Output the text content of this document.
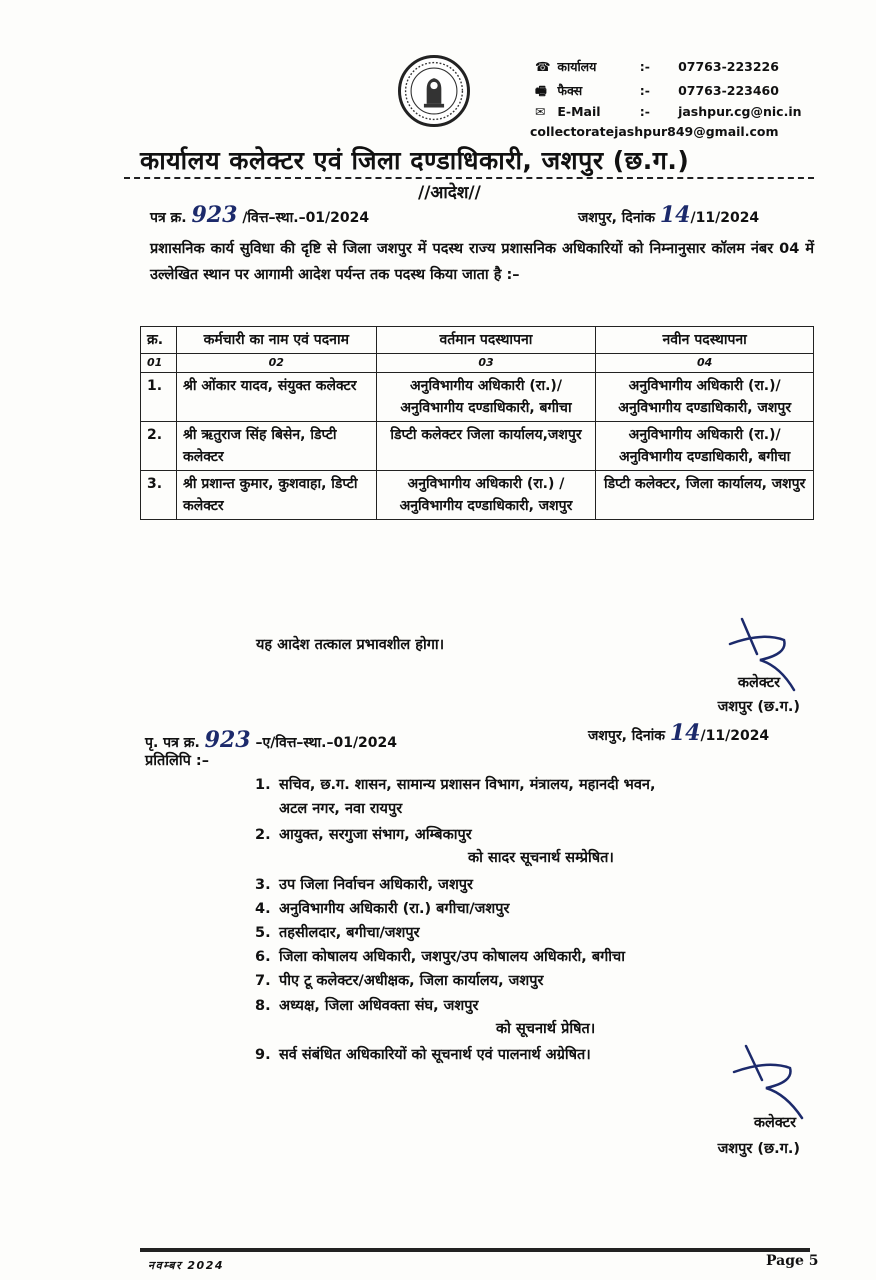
☎ कार्यालय	:- 07763-223226
🖷 फैक्स	:- 07763-223460
✉ E-Mail	:- jashpur.cg@nic.in
collectoratejashpur849@gmail.com
कार्यालय कलेक्टर एवं जिला दण्डाधिकारी, जशपुर (छ.ग.)
//आदेश//
पत्र क्र. 923 /वित्त–स्था.–01/2024	जशपुर, दिनांक 14/11/2024
प्रशासनिक कार्य सुविधा की दृष्टि से जिला जशपुर में पदस्थ राज्य प्रशासनिक अधिकारियों को निम्नानुसार कॉलम नंबर 04 में उल्लेखित स्थान पर आगामी आदेश पर्यन्त तक पदस्थ किया जाता है :–
क्र.	कर्मचारी का नाम एवं पदनाम	वर्तमान पदस्थापना	नवीन पदस्थापना
01	02	03	04
1.	श्री ओंकार यादव, संयुक्त कलेक्टर	अनुविभागीय अधिकारी (रा.)/अनुविभागीय दण्डाधिकारी, बगीचा	अनुविभागीय अधिकारी (रा.)/ अनुविभागीय दण्डाधिकारी, जशपुर
2.	श्री ऋतुराज सिंह बिसेन, डिप्टी कलेक्टर	डिप्टी कलेक्टर जिला कार्यालय,जशपुर	अनुविभागीय अधिकारी (रा.)/ अनुविभागीय दण्डाधिकारी, बगीचा
3.	श्री प्रशान्त कुमार, कुशवाहा, डिप्टी कलेक्टर	अनुविभागीय अधिकारी (रा.) /अनुविभागीय दण्डाधिकारी, जशपुर	डिप्टी कलेक्टर, जिला कार्यालय, जशपुर
यह आदेश तत्काल प्रभावशील होगा।
कलेक्टर
जशपुर (छ.ग.)
पृ. पत्र क्र. 923 –ए/वित्त–स्था.–01/2024	जशपुर, दिनांक 14/11/2024
प्रतिलिपि :–
1. सचिव, छ.ग. शासन, सामान्य प्रशासन विभाग, मंत्रालय, महानदी भवन,
अटल नगर, नवा रायपुर
2. आयुक्त, सरगुजा संभाग, अम्बिकापुर
को सादर सूचनार्थ सम्प्रेषित।
3. उप जिला निर्वाचन अधिकारी, जशपुर
4. अनुविभागीय अधिकारी (रा.) बगीचा/जशपुर
5. तहसीलदार, बगीचा/जशपुर
6. जिला कोषालय अधिकारी, जशपुर/उप कोषालय अधिकारी, बगीचा
7. पीए टू कलेक्टर/अधीक्षक, जिला कार्यालय, जशपुर
8. अध्यक्ष, जिला अधिवक्ता संघ, जशपुर
को सूचनार्थ प्रेषित।
9. सर्व संबंधित अधिकारियों को सूचनार्थ एवं पालनार्थ अग्रेषित।
कलेक्टर
जशपुर (छ.ग.)
नवम्बर 2024	Page 5
